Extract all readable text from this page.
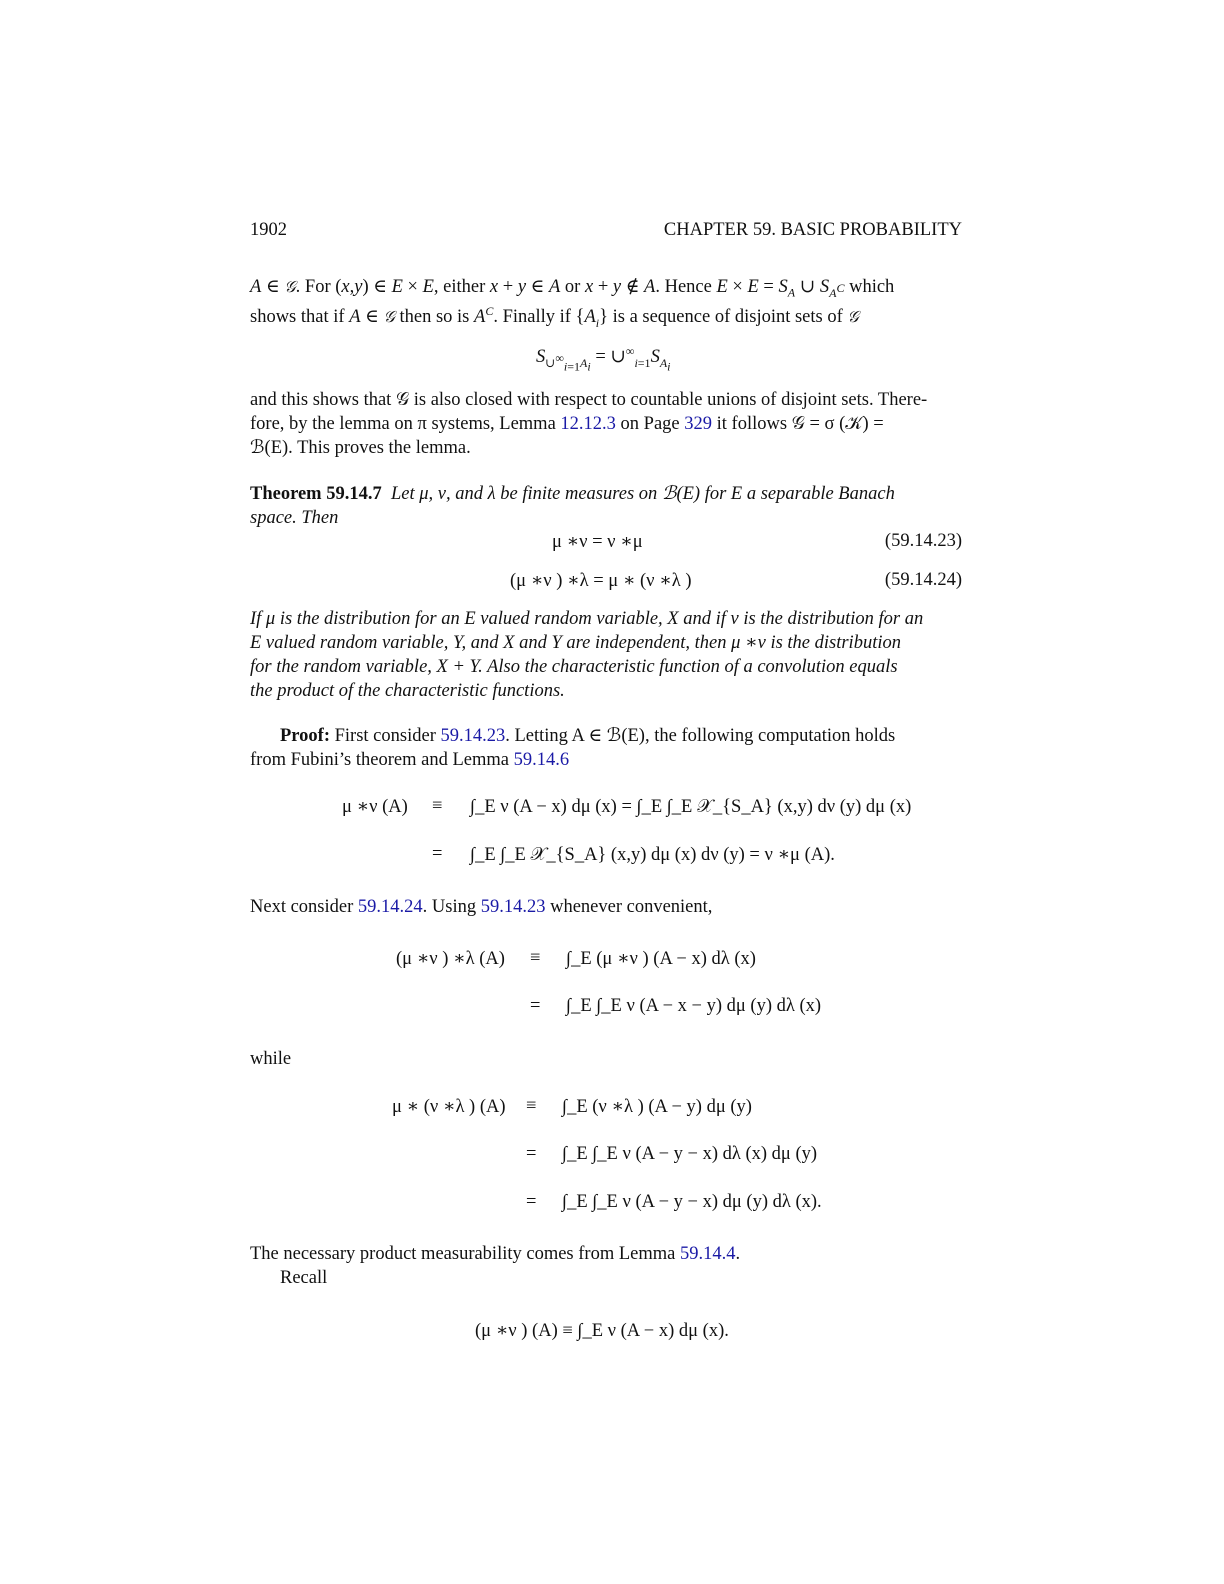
1902	CHAPTER 59. BASIC PROBABILITY
A ∈ 𝒢. For (x,y) ∈ E × E, either x + y ∈ A or x + y ∉ A. Hence $E \times E = S_A$ ∪ $S_{A^C}$ which
shows that if A ∈ 𝒢 then so is $A^C$. Finally if $\{A_i\}$ is a sequence of disjoint sets of 𝒢
$S_{\cup^\infty_{i=1}A_i}$ = $\cup^\infty_{i=1}S_{A_i}$
and this shows that 𝒢 is also closed with respect to countable unions of disjoint sets. There-
fore, by the lemma on π systems, Lemma 12.12.3 on Page 329 it follows 𝒢 = σ (𝒦) =
ℬ(E). This proves the lemma.
Theorem 59.14.7 Let μ, ν, and λ be finite measures on ℬ(E) for E a separable Banach
space. Then
μ ∗ν = ν ∗μ	(59.14.23)
(μ ∗ν ) ∗λ = μ ∗ (ν ∗λ )	(59.14.24)
If μ is the distribution for an E valued random variable, X and if ν is the distribution for an
E valued random variable, Y, and X and Y are independent, then μ ∗ν is the distribution
for the random variable, X + Y. Also the characteristic function of a convolution equals
the product of the characteristic functions.
Proof: First consider 59.14.23. Letting A ∈ ℬ(E), the following computation holds
from Fubini’s theorem and Lemma 59.14.6
μ ∗ν (A) ≡ ∫_E ν (A − x) dμ (x) = ∫_E ∫_E 𝒳_{S_A} (x,y) dν (y) dμ (x)
= ∫_E ∫_E 𝒳_{S_A} (x,y) dμ (x) dν (y) = ν ∗μ (A).
Next consider 59.14.24. Using 59.14.23 whenever convenient,
(μ ∗ν ) ∗λ (A) ≡ ∫_E (μ ∗ν ) (A − x) dλ (x)
= ∫_E ∫_E ν (A − x − y) dμ (y) dλ (x)
while
μ ∗ (ν ∗λ ) (A) ≡ ∫_E (ν ∗λ ) (A − y) dμ (y)
= ∫_E ∫_E ν (A − y − x) dλ (x) dμ (y)
= ∫_E ∫_E ν (A − y − x) dμ (y) dλ (x).
The necessary product measurability comes from Lemma 59.14.4.
Recall
(μ ∗ν ) (A) ≡ ∫_E ν (A − x) dμ (x).
